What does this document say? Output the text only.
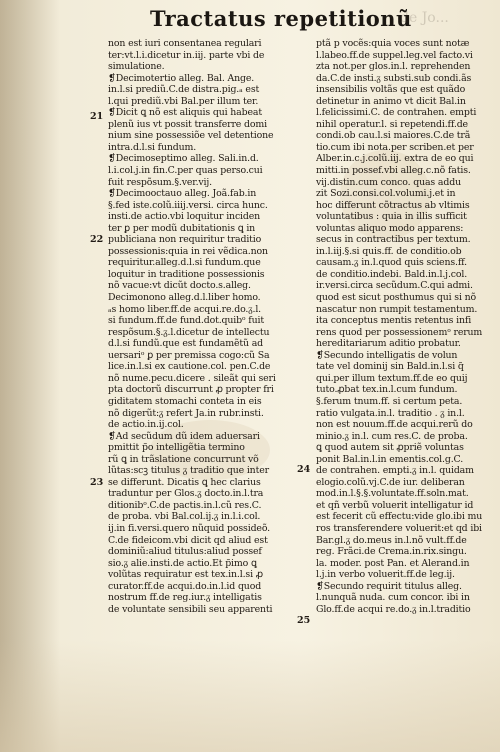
Tractatus repetitionũ
de Jo...
21
22
23
24
25
non est iuri consentanea regulari
ter:vt.l.i.dicetur in.iij. parte vbi de
simulatione.
❡Decimotertio alleg. Bal. Ange.
in.l.si prediũ.C.de distra.pig.ₐ est
l.qui prediũ.vbi Bal.per illum ter.
❡Dicit ꝗ nõ est aliquis qui habeat
plenũ ius vt possit transferre domi
nium sine possessiõe vel detentione
intra.d.l.si fundum.
❡Decimoseptimo alleg. Sali.in.d.
l.i.col.j.in fin.C.per quas perso.cui
fuit respõsum.§.ver.vij.
❡Decimooctauo alleg. Joã.fab.in
§.fed iste.colũ.iiij.versi. circa hunc.
insti.de actio.vbi loquitur inciden
ter ꝑ per modũ dubitationis ꝗ in
publiciana non requiritur traditio
possessionis:quia in rei vẽdica.non
requiritur.alleg.d.l.si fundum.que
loquitur in traditione possessionis
nõ vacue:vt dicũt docto.s.alleg.
Decimonono alleg.d.l.liber homo.
ₐs homo liber.ff.de acqui.re.do.ᵹ.l.
si fundum.ff.de fund.dot.quibᵒ fuit
respõsum.§.ᵹ.l.dicetur de intellectu
d.l.si fundũ.que est fundamẽtũ ad
uersariᵒ ꝑ per premissa cogo:cũ Sa
lice.in.l.si ex cautione.col. pen.C.de
nõ nume.pecu.dicere . sileãt qui seri
pta doctorũ discurrunt ꝓ propter fri
giditatem stomachi conteta in eis
nõ digerũt:ᵹ refert Ja.in rubr.insti.
de actio.in.ij.col.
❡Ad secũdum dũ idem aduersari
pmittit p̃o intelligẽtia termino
rũ ꝗ in trãslatione concurrunt võ
lũtas:scꝫ titulus ᵹ traditio que inter
se differunt. Dicatis ꝗ hec clarius
traduntur per Glos.ᵹ docto.in.l.tra
ditionibᵒ.C.de pactis.in.l.cũ res.C.
de proba. vbi Bal.col.ij.ᵹ in.l.i.col.
ij.in fi.versi.quero nũquid possideõ.
C.de fideicom.vbi dicit qd aliud est
dominiũ:aliud titulus:aliud possef
sio.ᵹ alie.insti.de actio.Et p̃imo ꝗ
volũtas requiratur est tex.in.l.si ꝓ
curator.ff.de acqui.do.in.l.id quod
nostrum ff.de reg.iur.ᵹ intelligatis
de voluntate sensibili seu apparenti
ptã p vocẽs:quia voces sunt notæ
l.labeo.ff.de suppel.leg.vel facto.vi
zta not.per glos.in.l. reprehenden
da.C.de insti.ᵹ substi.sub condi.ãs
insensibilis voltãs que est quãdo
detinetur in animo vt dicit Bal.in
l.felicissimi.C. de contrahen. empti
nihil operatur.l. si repetendi.ff.de
condi.ob cau.l.si maiores.C.de trã
tio.cum ibi nota.per scriben.et per
Alber.in.c.j.colũ.iij. extra de eo qui
mitti.in possef.vbi alleg.c.nõ fatis.
vij.distin.cum conco. quas addu
zit Sozi.consi.col.volumi.j.et in
hoc differunt cõtractus ab vltimis
voluntatibus : quia in illis sufficit
voluntas aliquo modo apparens:
secus in contractibus per textum.
in.l.iij.§.si quis.ff. de conditio.ob
causam.ᵹ in.l.quod quis sciens.ff.
de conditio.indebi. Bald.in.l.j.col.
ir.versi.circa secũdum.C.qui admi.
quod est sicut posthumus qui si nõ
nascatur non rumpit testamentum.
ita conceptus mentis retentus infi
rens quod per possessionemᵒ rerum
hereditariarum aditio probatur.
❡Secundo intelligatis de volun
tate vel dominij sin Bald.in.l.si q̃
qui.per illum textum.ff.de eo quij
tuto.ꝓbat tex.in.l.cum fundum.
§.ferum tnum.ff. si certum peta.
ratio vulgata.in.l. traditio . ᵹ in.l.
non est nouum.ff.de acqui.rerũ do
minio.ᵹ in.l. cum res.C. de proba.
ꝗ quod autem sit ꝓpriẽ voluntas
ponit Bal.in.l.in ementis.col.g.C.
de contrahen. empti.ᵹ in.l. quidam
elogio.colũ.vj.C.de iur. deliberan
mod.in.l.§.§.voluntate.ff.soln.mat.
et qñ verbũ voluerit intelligatur id
est fecerit cũ effectu:vide glo.ibi mu
ros transferendere voluerit:et qd ibi
Bar.gl.ᵹ do.meus in.l.nõ vult.ff.de
reg. Frãci.de Crema.in.rix.singu.
la. moder. post Pan. et Alerand.in
l.j.in verbo voluerit.ff.de leg.ij.
❡Secundo requirit titulus alleg.
l.nunquã nuda. cum concor. ibi in
Glo.ff.de acqui re.do.ᵹ in.l.traditio
